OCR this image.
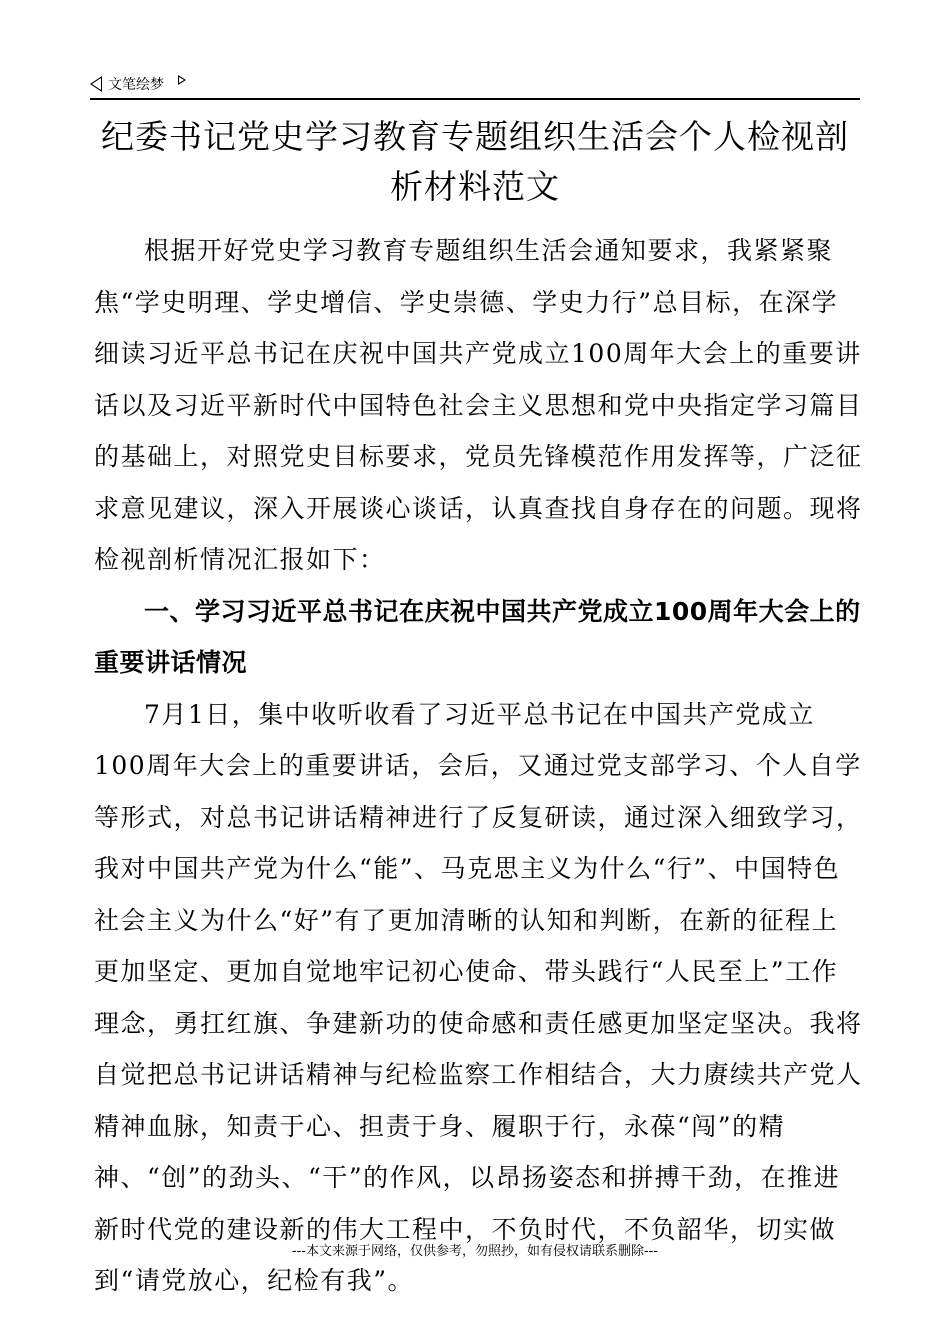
文笔绘梦
纪委书记党史学习教育专题组织生活会个人检视剖析材料范文

根据开好党史学习教育专题组织生活会通知要求，我紧紧聚焦“学史明理、学史增信、学史崇德、学史力行”总目标，在深学细读习近平总书记在庆祝中国共产党成立100周年大会上的重要讲话以及习近平新时代中国特色社会主义思想和党中央指定学习篇目的基础上，对照党史目标要求，党员先锋模范作用发挥等，广泛征求意见建议，深入开展谈心谈话，认真查找自身存在的问题。现将检视剖析情况汇报如下：

一、学习习近平总书记在庆祝中国共产党成立100周年大会上的重要讲话情况

7月1日，集中收听收看了习近平总书记在中国共产党成立100周年大会上的重要讲话，会后，又通过党支部学习、个人自学等形式，对总书记讲话精神进行了反复研读，通过深入细致学习，我对中国共产党为什么“能”、马克思主义为什么“行”、中国特色社会主义为什么“好”有了更加清晰的认知和判断，在新的征程上更加坚定、更加自觉地牢记初心使命、带头践行“人民至上”工作理念，勇扛红旗、争建新功的使命感和责任感更加坚定坚决。我将自觉把总书记讲话精神与纪检监察工作相结合，大力赓续共产党人精神血脉，知责于心、担责于身、履职于行，永葆“闯”的精神、“创”的劲头、“干”的作风，以昂扬姿态和拼搏干劲，在推进新时代党的建设新的伟大工程中，不负时代，不负韶华，切实做到“请党放心，纪检有我”。

---本文来源于网络，仅供参考，勿照抄，如有侵权请联系删除---
